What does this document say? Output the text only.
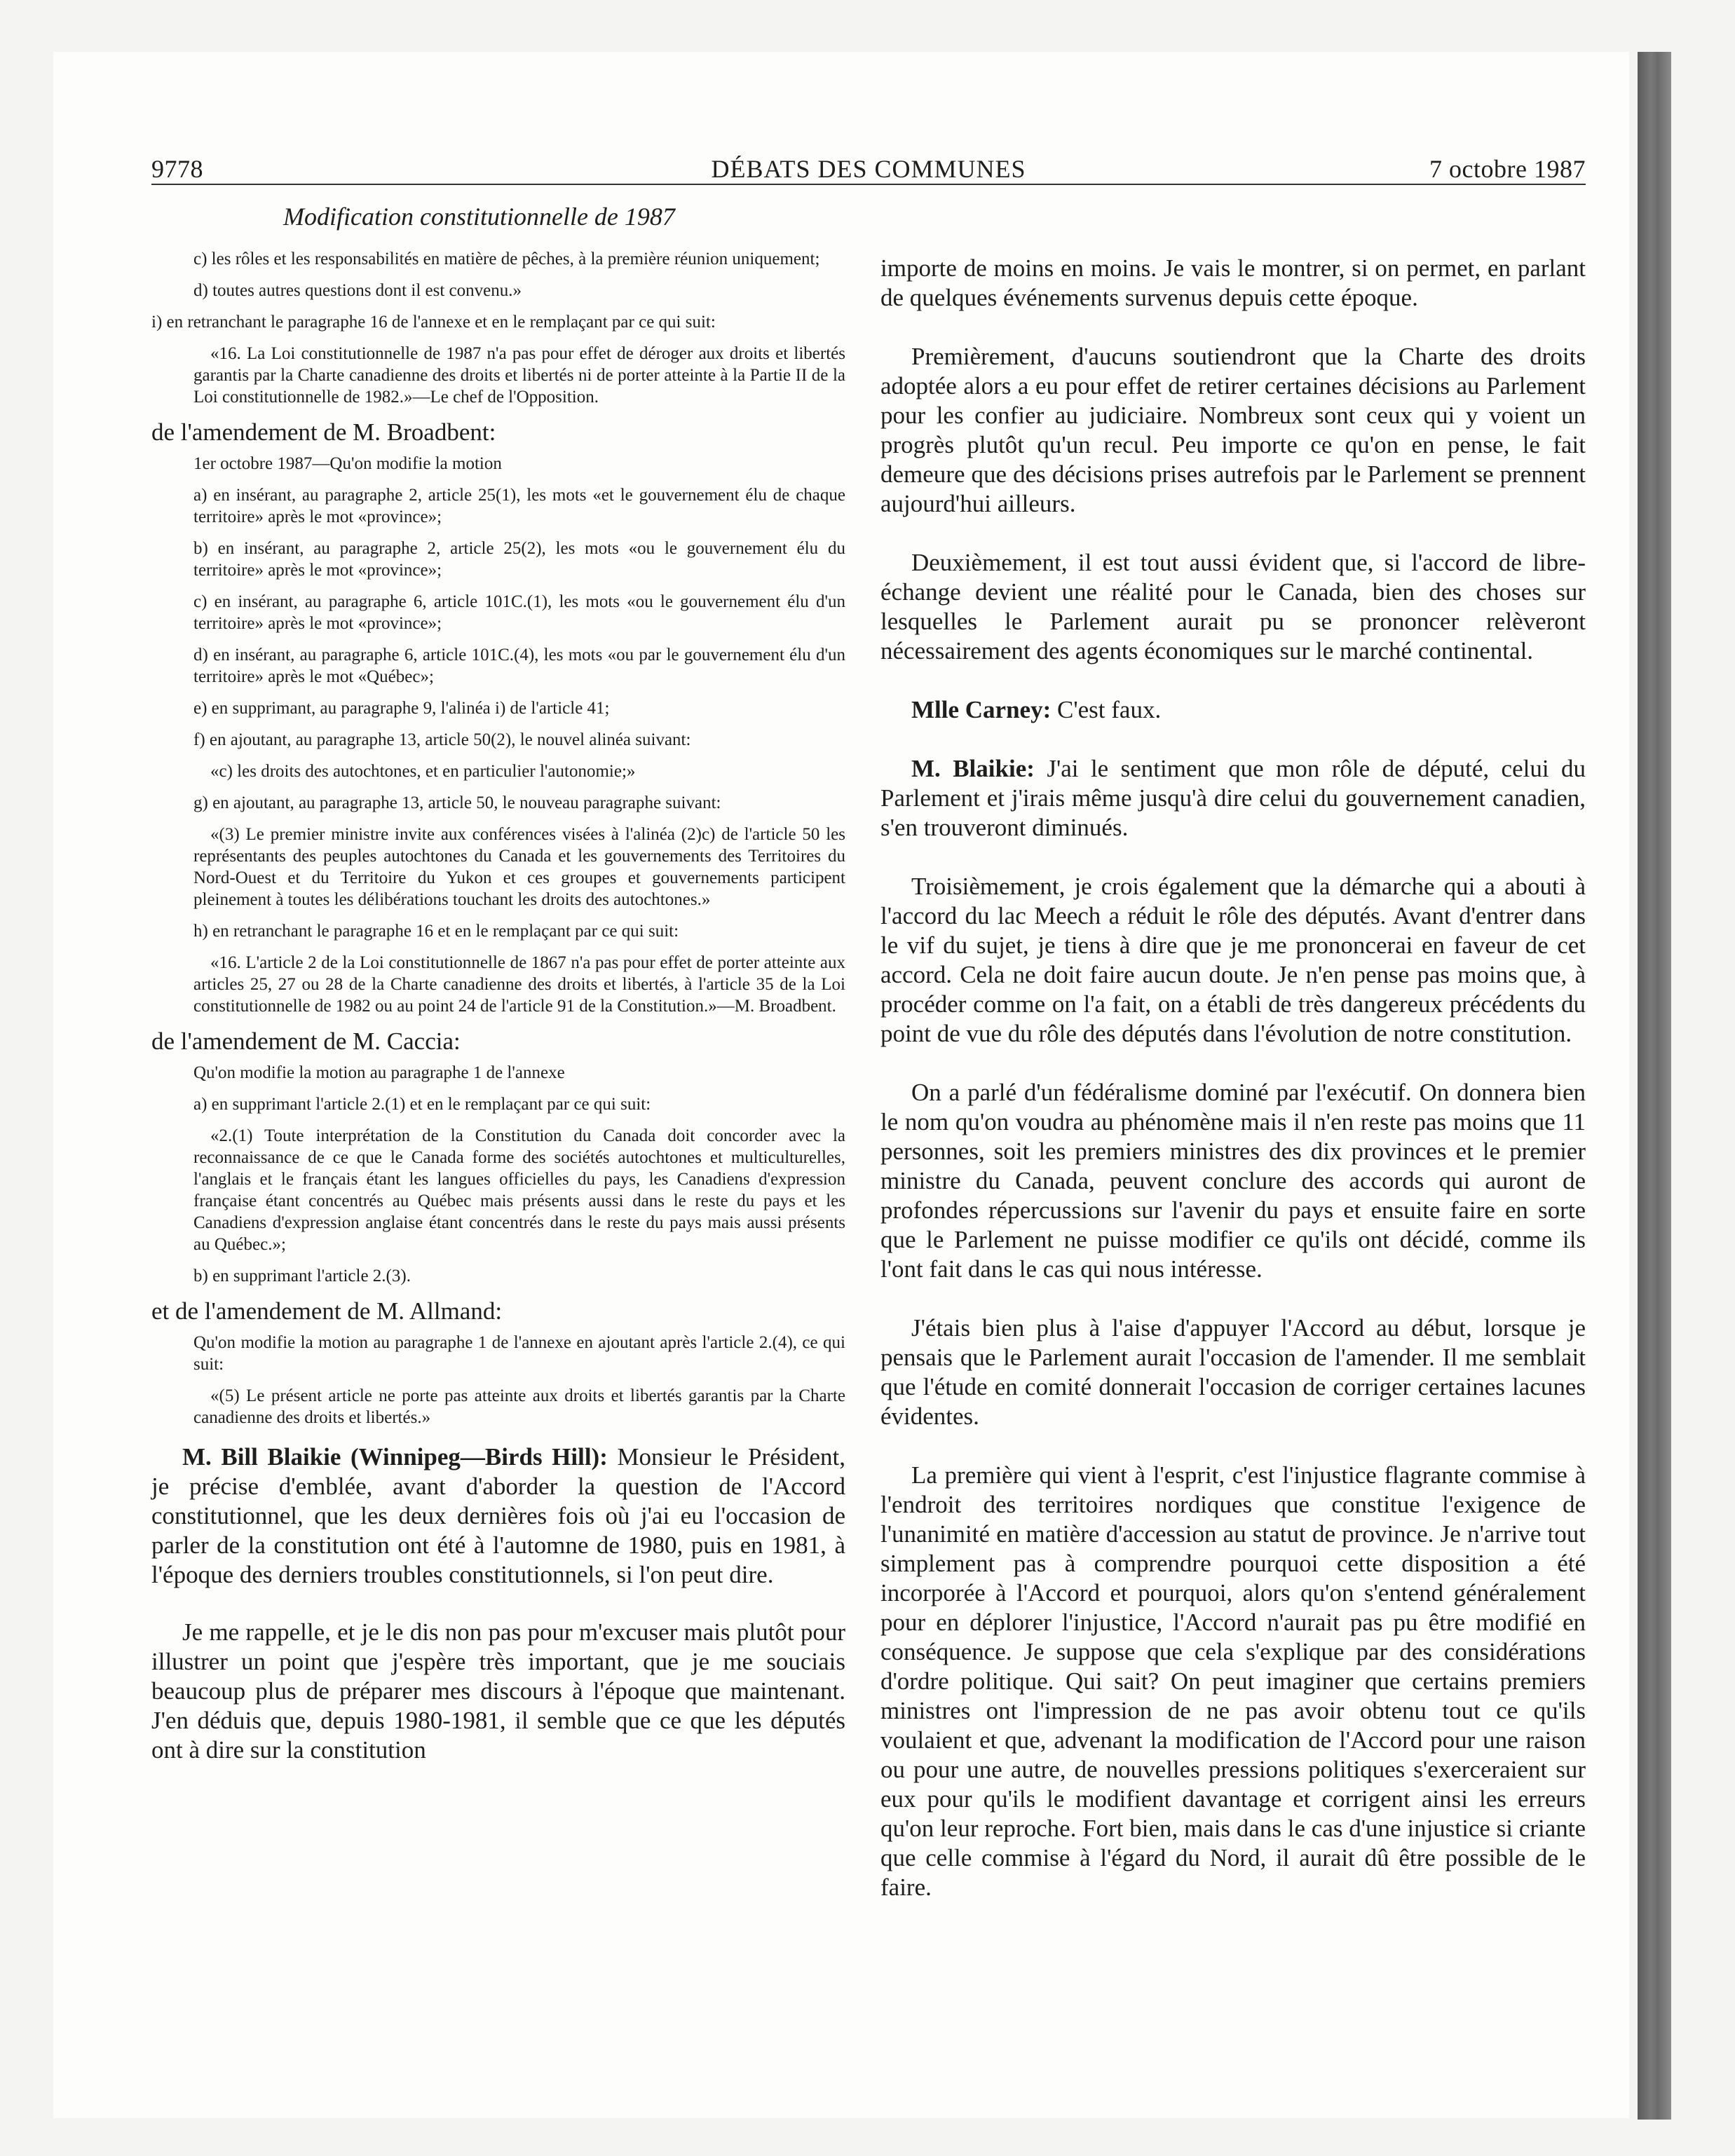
9778	DÉBATS DES COMMUNES	7 octobre 1987
Modification constitutionnelle de 1987

c) les rôles et les responsabilités en matière de pêches, à la première réunion uniquement;

d) toutes autres questions dont il est convenu.»

i) en retranchant le paragraphe 16 de l'annexe et en le remplaçant par ce qui suit:

«16. La Loi constitutionnelle de 1987 n'a pas pour effet de déroger aux droits et libertés garantis par la Charte canadienne des droits et libertés ni de porter atteinte à la Partie II de la Loi constitutionnelle de 1982.»—Le chef de l'Opposition.

de l'amendement de M. Broadbent:

1er octobre 1987—Qu'on modifie la motion

a) en insérant, au paragraphe 2, article 25(1), les mots «et le gouvernement élu de chaque territoire» après le mot «province»;

b) en insérant, au paragraphe 2, article 25(2), les mots «ou le gouvernement élu du territoire» après le mot «province»;

c) en insérant, au paragraphe 6, article 101C.(1), les mots «ou le gouvernement élu d'un territoire» après le mot «province»;

d) en insérant, au paragraphe 6, article 101C.(4), les mots «ou par le gouvernement élu d'un territoire» après le mot «Québec»;

e) en supprimant, au paragraphe 9, l'alinéa i) de l'article 41;

f) en ajoutant, au paragraphe 13, article 50(2), le nouvel alinéa suivant:

«c) les droits des autochtones, et en particulier l'autonomie;»

g) en ajoutant, au paragraphe 13, article 50, le nouveau paragraphe suivant:

«(3) Le premier ministre invite aux conférences visées à l'alinéa (2)c) de l'article 50 les représentants des peuples autochtones du Canada et les gouvernements des Territoires du Nord-Ouest et du Territoire du Yukon et ces groupes et gouvernements participent pleinement à toutes les délibérations touchant les droits des autochtones.»

h) en retranchant le paragraphe 16 et en le remplaçant par ce qui suit:

«16. L'article 2 de la Loi constitutionnelle de 1867 n'a pas pour effet de porter atteinte aux articles 25, 27 ou 28 de la Charte canadienne des droits et libertés, à l'article 35 de la Loi constitutionnelle de 1982 ou au point 24 de l'article 91 de la Constitution.»—M. Broadbent.

de l'amendement de M. Caccia:

Qu'on modifie la motion au paragraphe 1 de l'annexe

a) en supprimant l'article 2.(1) et en le remplaçant par ce qui suit:

«2.(1) Toute interprétation de la Constitution du Canada doit concorder avec la reconnaissance de ce que le Canada forme des sociétés autochtones et multiculturelles, l'anglais et le français étant les langues officielles du pays, les Canadiens d'expression française étant concentrés au Québec mais présents aussi dans le reste du pays et les Canadiens d'expression anglaise étant concentrés dans le reste du pays mais aussi présents au Québec.»;

b) en supprimant l'article 2.(3).

et de l'amendement de M. Allmand:

Qu'on modifie la motion au paragraphe 1 de l'annexe en ajoutant après l'article 2.(4), ce qui suit:

«(5) Le présent article ne porte pas atteinte aux droits et libertés garantis par la Charte canadienne des droits et libertés.»

M. Bill Blaikie (Winnipeg—Birds Hill): Monsieur le Président, je précise d'emblée, avant d'aborder la question de l'Accord constitutionnel, que les deux dernières fois où j'ai eu l'occasion de parler de la constitution ont été à l'automne de 1980, puis en 1981, à l'époque des derniers troubles constitutionnels, si l'on peut dire.

Je me rappelle, et je le dis non pas pour m'excuser mais plutôt pour illustrer un point que j'espère très important, que je me souciais beaucoup plus de préparer mes discours à l'époque que maintenant. J'en déduis que, depuis 1980-1981, il semble que ce que les députés ont à dire sur la constitution

importe de moins en moins. Je vais le montrer, si on permet, en parlant de quelques événements survenus depuis cette époque.

Premièrement, d'aucuns soutiendront que la Charte des droits adoptée alors a eu pour effet de retirer certaines décisions au Parlement pour les confier au judiciaire. Nombreux sont ceux qui y voient un progrès plutôt qu'un recul. Peu importe ce qu'on en pense, le fait demeure que des décisions prises autrefois par le Parlement se prennent aujourd'hui ailleurs.

Deuxièmement, il est tout aussi évident que, si l'accord de libre-échange devient une réalité pour le Canada, bien des choses sur lesquelles le Parlement aurait pu se prononcer relèveront nécessairement des agents économiques sur le marché continental.

Mlle Carney: C'est faux.

M. Blaikie: J'ai le sentiment que mon rôle de député, celui du Parlement et j'irais même jusqu'à dire celui du gouvernement canadien, s'en trouveront diminués.

Troisièmement, je crois également que la démarche qui a abouti à l'accord du lac Meech a réduit le rôle des députés. Avant d'entrer dans le vif du sujet, je tiens à dire que je me prononcerai en faveur de cet accord. Cela ne doit faire aucun doute. Je n'en pense pas moins que, à procéder comme on l'a fait, on a établi de très dangereux précédents du point de vue du rôle des députés dans l'évolution de notre constitution.

On a parlé d'un fédéralisme dominé par l'exécutif. On donnera bien le nom qu'on voudra au phénomène mais il n'en reste pas moins que 11 personnes, soit les premiers ministres des dix provinces et le premier ministre du Canada, peuvent conclure des accords qui auront de profondes répercussions sur l'avenir du pays et ensuite faire en sorte que le Parlement ne puisse modifier ce qu'ils ont décidé, comme ils l'ont fait dans le cas qui nous intéresse.

J'étais bien plus à l'aise d'appuyer l'Accord au début, lorsque je pensais que le Parlement aurait l'occasion de l'amender. Il me semblait que l'étude en comité donnerait l'occasion de corriger certaines lacunes évidentes.

La première qui vient à l'esprit, c'est l'injustice flagrante commise à l'endroit des territoires nordiques que constitue l'exigence de l'unanimité en matière d'accession au statut de province. Je n'arrive tout simplement pas à comprendre pourquoi cette disposition a été incorporée à l'Accord et pourquoi, alors qu'on s'entend généralement pour en déplorer l'injustice, l'Accord n'aurait pas pu être modifié en conséquence. Je suppose que cela s'explique par des considérations d'ordre politique. Qui sait? On peut imaginer que certains premiers ministres ont l'impression de ne pas avoir obtenu tout ce qu'ils voulaient et que, advenant la modification de l'Accord pour une raison ou pour une autre, de nouvelles pressions politiques s'exerceraient sur eux pour qu'ils le modifient davantage et corrigent ainsi les erreurs qu'on leur reproche. Fort bien, mais dans le cas d'une injustice si criante que celle commise à l'égard du Nord, il aurait dû être possible de le faire.
